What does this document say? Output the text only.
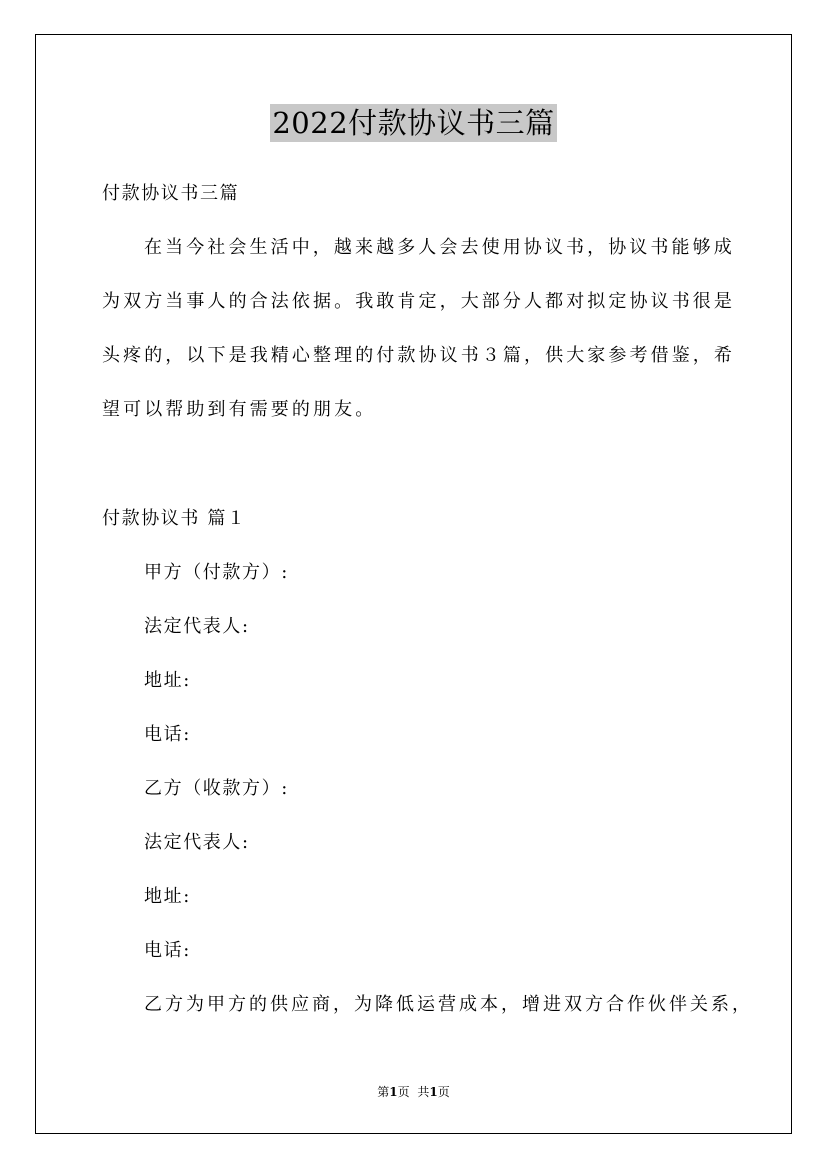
2022付款协议书三篇
付款协议书三篇
在当今社会生活中，越来越多人会去使用协议书，协议书能够成
为双方当事人的合法依据。我敢肯定，大部分人都对拟定协议书很是
头疼的，以下是我精心整理的付款协议书３篇，供大家参考借鉴，希
望可以帮助到有需要的朋友。
付款协议书 篇１
甲方（付款方）:
法定代表人:
地址:
电话:
乙方（收款方）:
法定代表人:
地址:
电话:
乙方为甲方的供应商，为降低运营成本，增进双方合作伙伴关系，
第1页 共1页
